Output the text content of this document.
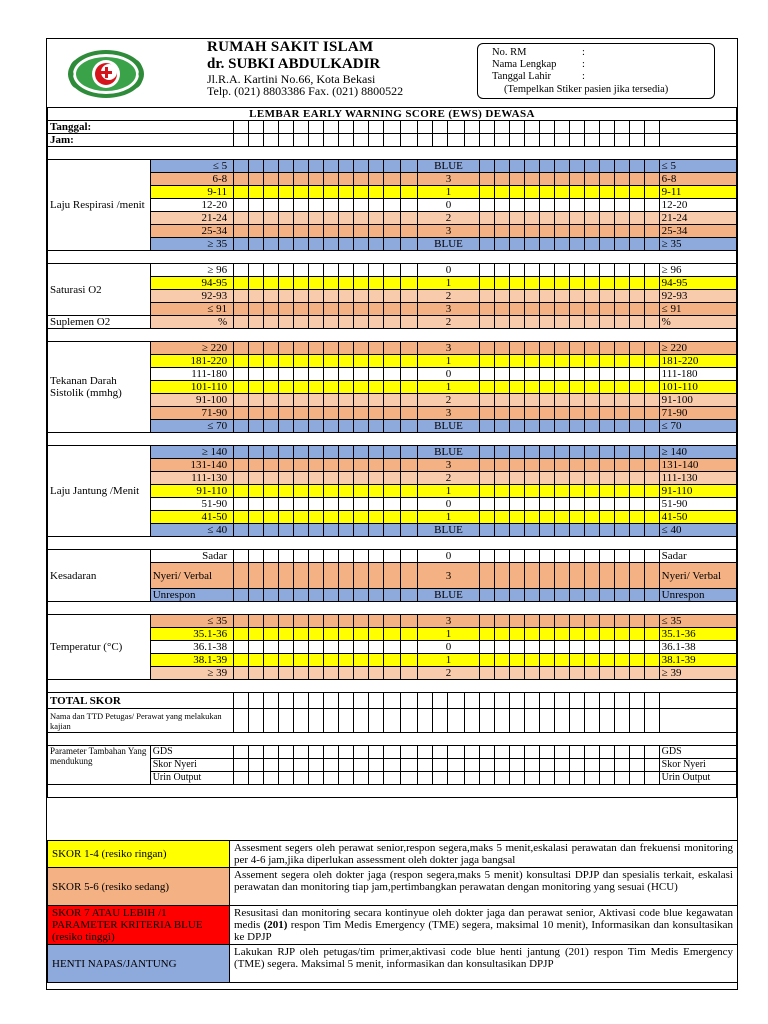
RUMAH SAKIT ISLAM
dr. SUBKI ABDULKADIR
Jl.R.A. Kartini No.66, Kota Bekasi
Telp. (021) 8803386 Fax. (021) 8800522
No. RM	:
Nama Lengkap :
Tanggal Lahir	:
(Tempelkan Stiker pasien jika tersedia)
LEMBAR EARLY WARNING SCORE (EWS) DEWASA																														
Tanggal:																														
Jam:																														

Laju Respirasi /menit	≤ 5													BLUE																≤ 5
	6-8													3																6-8
	9-11													1																9-11
	12-20													0																12-20
	21-24													2																21-24
	25-34													3																25-34
	≥ 35													BLUE																≥ 35

Saturasi O2	≥ 96													0																≥ 96
	94-95													1																94-95
	92-93													2																92-93
	≤ 91													3																≤ 91
Suplemen O2	%													2																%

Tekanan Darah Sistolik (mmhg)	≥ 220													3																≥ 220
	181-220													1																181-220
	111-180													0																111-180
	101-110													1																101-110
	91-100													2																91-100
	71-90													3																71-90
	≤ 70													BLUE																≤ 70

Laju Jantung /Menit	≥ 140													BLUE																≥ 140
	131-140													3																131-140
	111-130													2																111-130
	91-110													1																91-110
	51-90													0																51-90
	41-50													1																41-50
	≤ 40													BLUE																≤ 40

Kesadaran	Sadar													0																Sadar
	Nyeri/ Verbal													3																Nyeri/ Verbal
	Unrespon													BLUE																Unrespon

Temperatur (°C)	≤ 35													3																≤ 35
	35.1-36													1																35.1-36
	36.1-38													0																36.1-38
	38.1-39													1																38.1-39
	≥ 39													2																≥ 39

TOTAL SKOR																														
Nama dan TTD Petugas/ Perawat yang melakukan kajian																														

Parameter Tambahan Yang mendukung	GDS																													GDS
	Skor Nyeri																													Skor Nyeri
	Urin Output																													Urin Output

SKOR 1-4 (resiko ringan)	Assesment segers oleh perawat senior,respon segera,maks 5 menit,eskalasi perawatan dan frekuensi monitoring per 4-6 jam,jika diperlukan assessment oleh dokter jaga bangsal
SKOR 5-6 (resiko sedang)	Assement segera oleh dokter jaga (respon segera,maks 5 menit) konsultasi DPJP dan spesialis terkait, eskalasi perawatan dan monitoring tiap jam,pertimbangkan perawatan dengan monitoring yang sesuai (HCU)
SKOR 7 ATAU LEBIH /1 PARAMETER KRITERIA BLUE (resiko tinggi)	Resusitasi dan monitoring secara kontinyue oleh dokter jaga dan perawat senior, Aktivasi code blue kegawatan medis (201) respon Tim Medis Emergency (TME) segera, maksimal 10 menit), Informasikan dan konsultasikan ke DPJP
HENTI NAPAS/JANTUNG	Lakukan RJP oleh petugas/tim primer,aktivasi code blue henti jantung (201) respon Tim Medis Emergency (TME) segera. Maksimal 5 menit, informasikan dan konsultasikan DPJP
